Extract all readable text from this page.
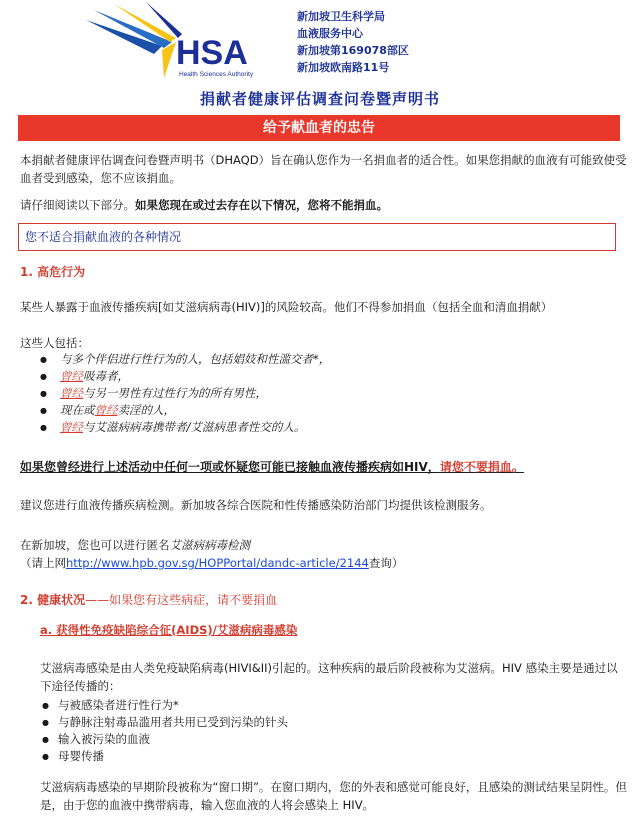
HSA
Health Sciences Authority
新加坡卫生科学局
血液服务中心
新加坡第169078部区
新加坡欧南路11号
捐献者健康评估调查问卷暨声明书
给予献血者的忠告
本捐献者健康评估调查问卷暨声明书（DHAQD）旨在确认您作为一名捐血者的适合性。如果您捐献的血液有可能致使受血者受到感染，您不应该捐血。
请仔细阅读以下部分。如果您现在或过去存在以下情况，您将不能捐血。
您不适合捐献血液的各种情况
1. 高危行为
某些人暴露于血液传播疾病[如艾滋病病毒(HIV)]的风险较高。他们不得参加捐血（包括全血和清血捐献）
这些人包括：
● 与多个伴侣进行性行为的人，包括娼妓和性滥交者*，
● 曾经吸毒者，
● 曾经与另一男性有过性行为的所有男性，
● 现在或曾经卖淫的人，
● 曾经与艾滋病病毒携带者/艾滋病患者性交的人。
如果您曾经进行上述活动中任何一项或怀疑您可能已接触血液传播疾病如HIV，请您不要捐血。
建议您进行血液传播疾病检测。新加坡各综合医院和性传播感染防治部门均提供该检测服务。
在新加坡，您也可以进行匿名艾滋病病毒检测
（请上网http://www.hpb.gov.sg/HOPPortal/dandc-article/2144查询）
2. 健康状况——如果您有这些病症，请不要捐血
a. 获得性免疫缺陷综合征(AIDS)/艾滋病病毒感染
艾滋病毒感染是由人类免疫缺陷病毒(HIVI&II)引起的。这种疾病的最后阶段被称为艾滋病。HIV 感染主要是通过以下途径传播的：
● 与被感染者进行性行为*
● 与静脉注射毒品滥用者共用已受到污染的针头
● 输入被污染的血液
● 母婴传播
艾滋病病毒感染的早期阶段被称为“窗口期”。在窗口期内，您的外表和感觉可能良好，且感染的测试结果呈阴性。但是，由于您的血液中携带病毒，输入您血液的人将会感染上 HIV。
